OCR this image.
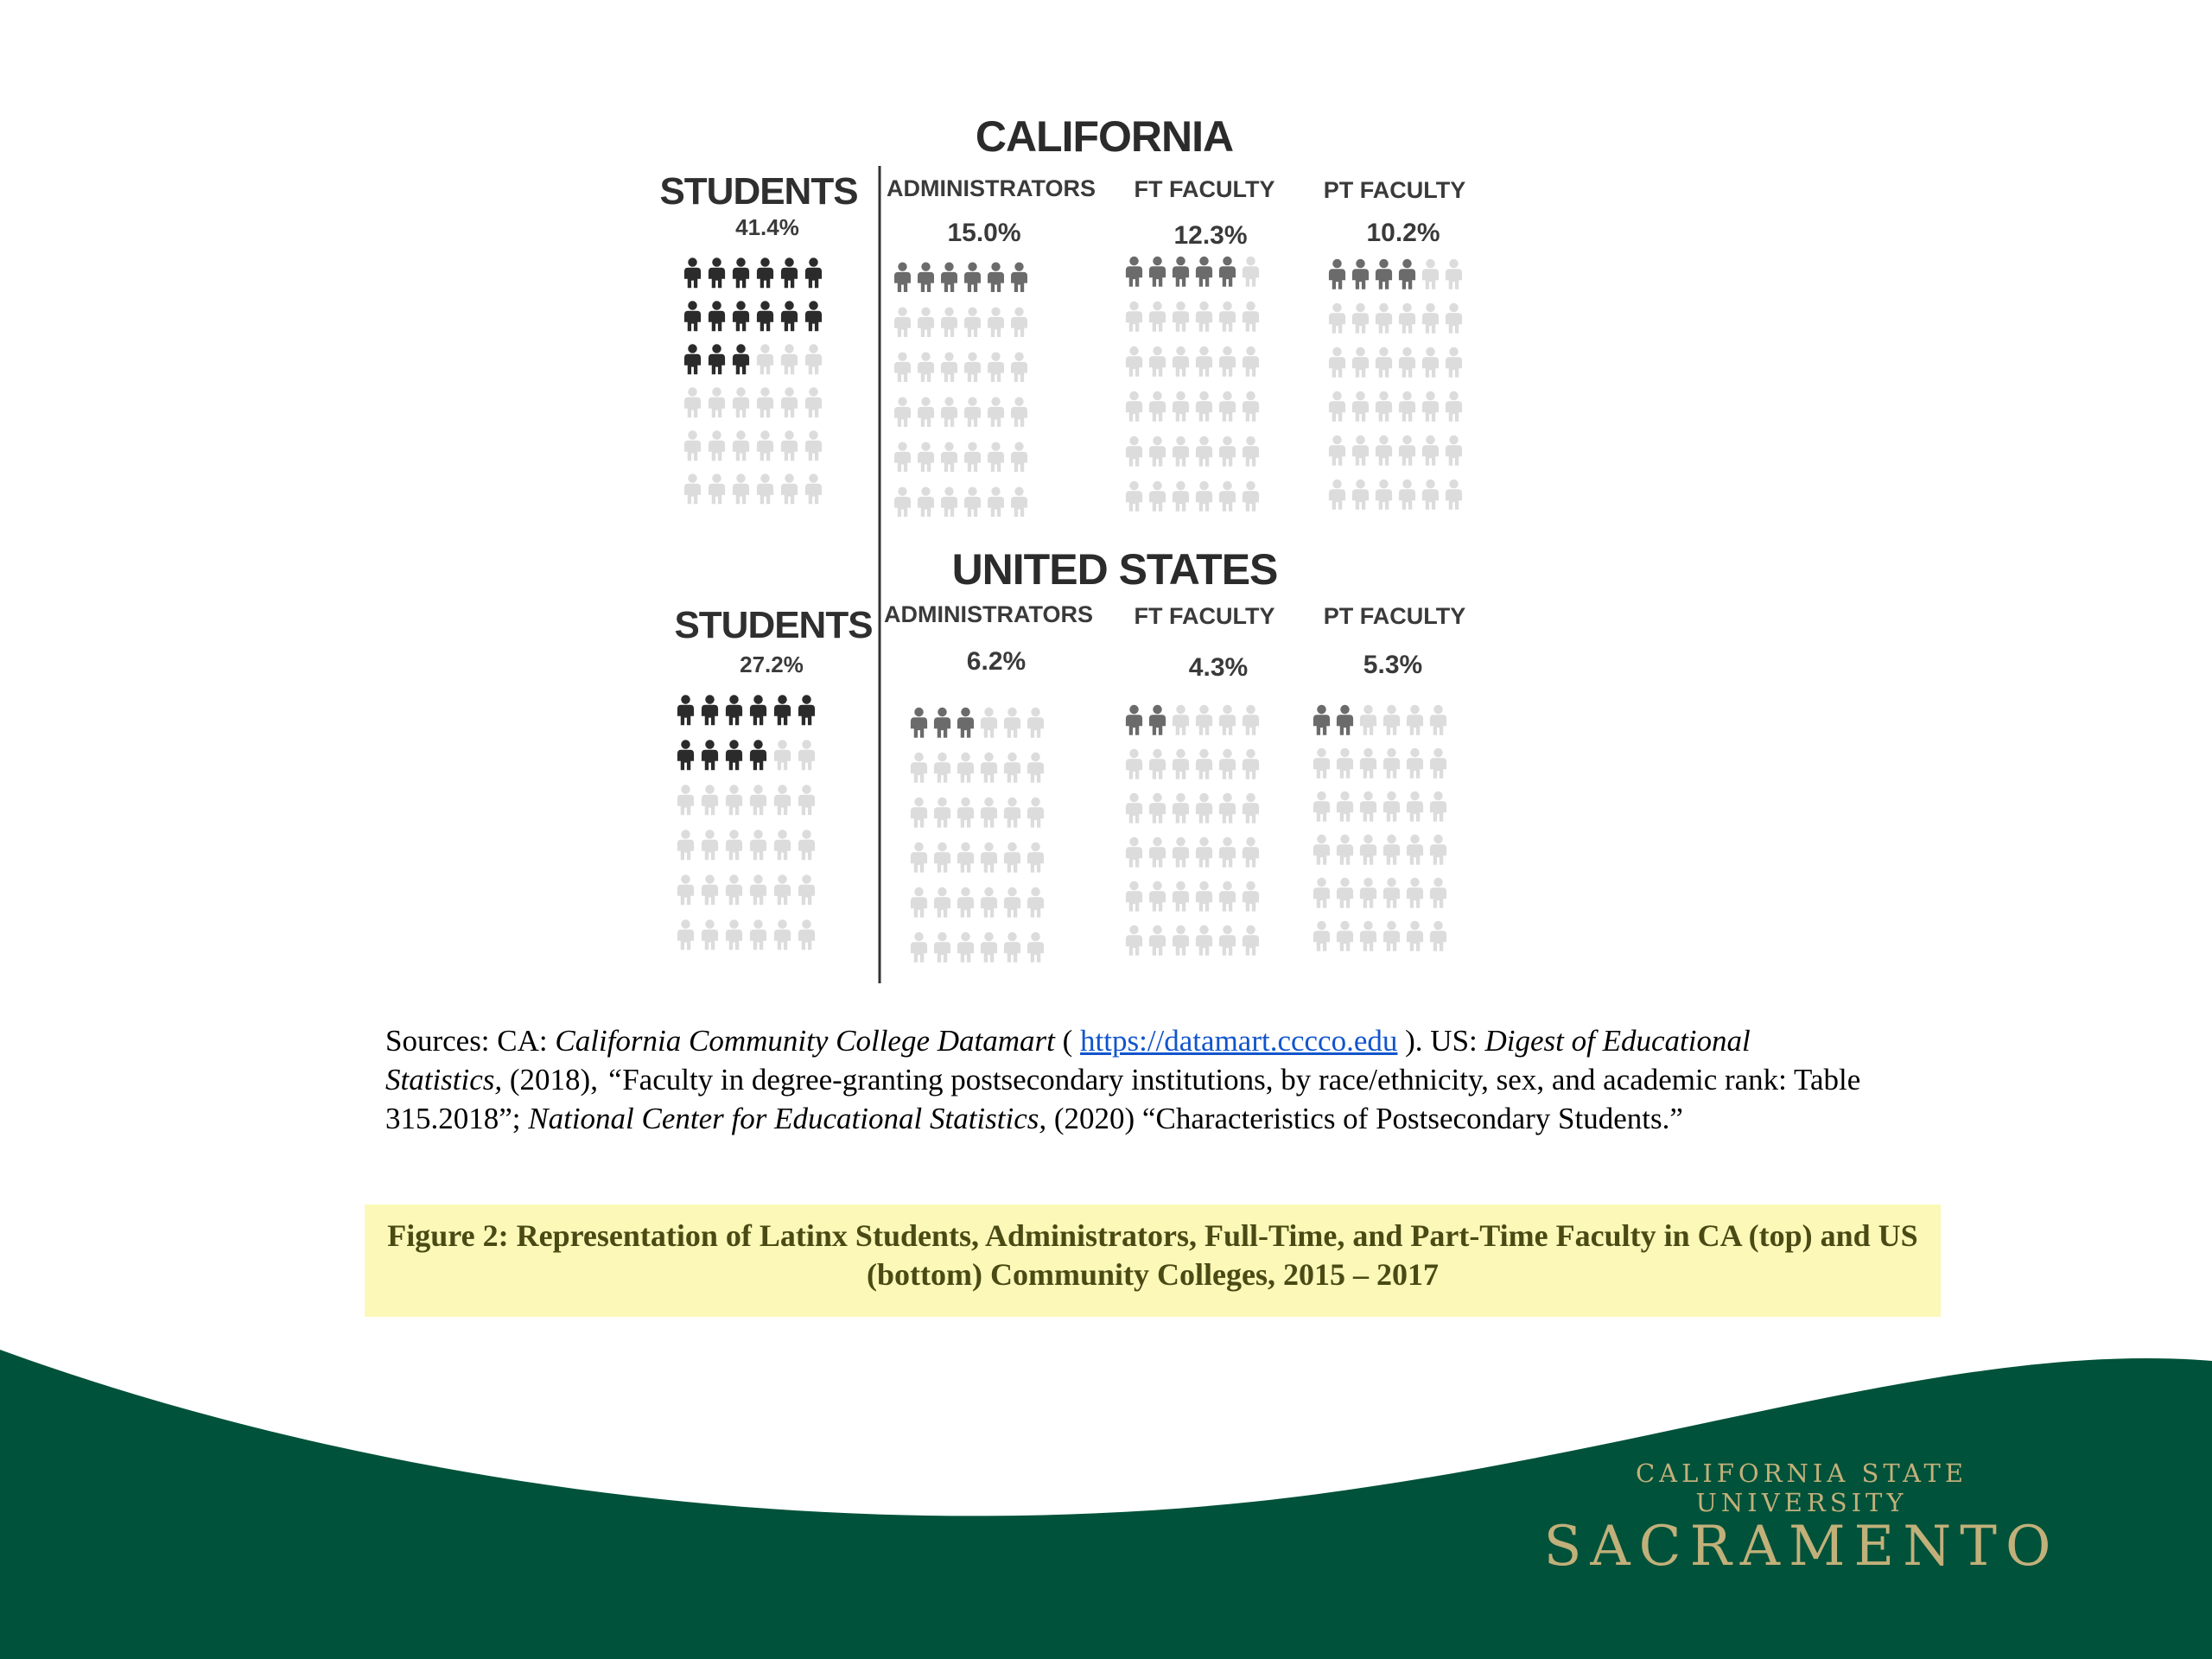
CALIFORNIA
STUDENTS
41.4%
ADMINISTRATORS
15.0%
FT FACULTY
12.3%
PT FACULTY
10.2%
UNITED STATES
STUDENTS
27.2%
ADMINISTRATORS
6.2%
FT FACULTY
4.3%
PT FACULTY
5.3%
Sources: CA: California Community College Datamart ( https://datamart.cccco.edu ). US: Digest of Educational Statistics, (2018), “Faculty in degree-granting postsecondary institutions, by race/ethnicity, sex, and academic rank: Table 315.2018”; National Center for Educational Statistics, (2020) “Characteristics of Postsecondary Students.”
Figure 2: Representation of Latinx Students, Administrators, Full-Time, and Part-Time Faculty in CA (top) and US (bottom) Community Colleges, 2015 – 2017
CALIFORNIA STATE UNIVERSITY
SACRAMENTO
